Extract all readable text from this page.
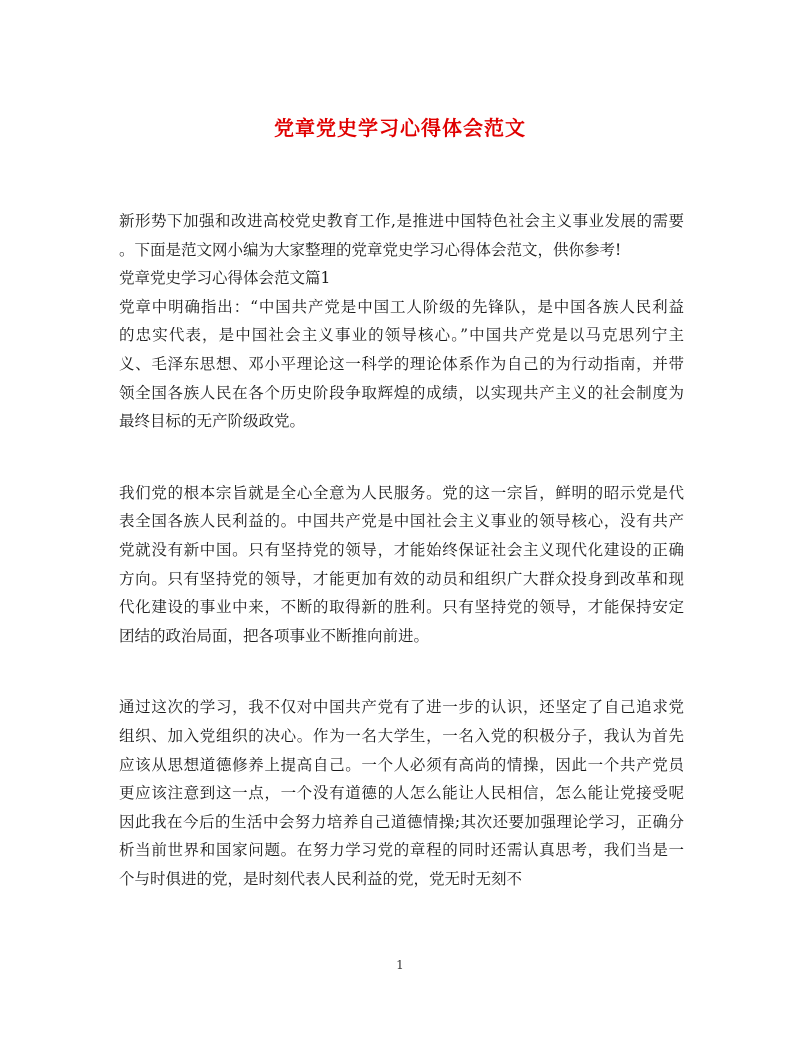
党章党史学习心得体会范文
新形势下加强和改进高校党史教育工作,是推进中国特色社会主义事业发展的需要
。下面是范文网小编为大家整理的党章党史学习心得体会范文，供你参考!
党章党史学习心得体会范文篇1
党章中明确指出：“中国共产党是中国工人阶级的先锋队，是中国各族人民利益
的忠实代表，是中国社会主义事业的领导核心。”中国共产党是以马克思列宁主
义、毛泽东思想、邓小平理论这一科学的理论体系作为自己的为行动指南，并带
领全国各族人民在各个历史阶段争取辉煌的成绩，以实现共产主义的社会制度为
最终目标的无产阶级政党。
我们党的根本宗旨就是全心全意为人民服务。党的这一宗旨，鲜明的昭示党是代
表全国各族人民利益的。中国共产党是中国社会主义事业的领导核心，没有共产
党就没有新中国。只有坚持党的领导，才能始终保证社会主义现代化建设的正确
方向。只有坚持党的领导，才能更加有效的动员和组织广大群众投身到改革和现
代化建设的事业中来，不断的取得新的胜利。只有坚持党的领导，才能保持安定
团结的政治局面，把各项事业不断推向前进。
通过这次的学习，我不仅对中国共产党有了进一步的认识，还坚定了自己追求党
组织、加入党组织的决心。作为一名大学生，一名入党的积极分子，我认为首先
应该从思想道德修养上提高自己。一个人必须有高尚的情操，因此一个共产党员
更应该注意到这一点，一个没有道德的人怎么能让人民相信，怎么能让党接受呢
因此我在今后的生活中会努力培养自己道德情操;其次还要加强理论学习，正确分
析当前世界和国家问题。在努力学习党的章程的同时还需认真思考，我们当是一
个与时俱进的党，是时刻代表人民利益的党，党无时无刻不
1
